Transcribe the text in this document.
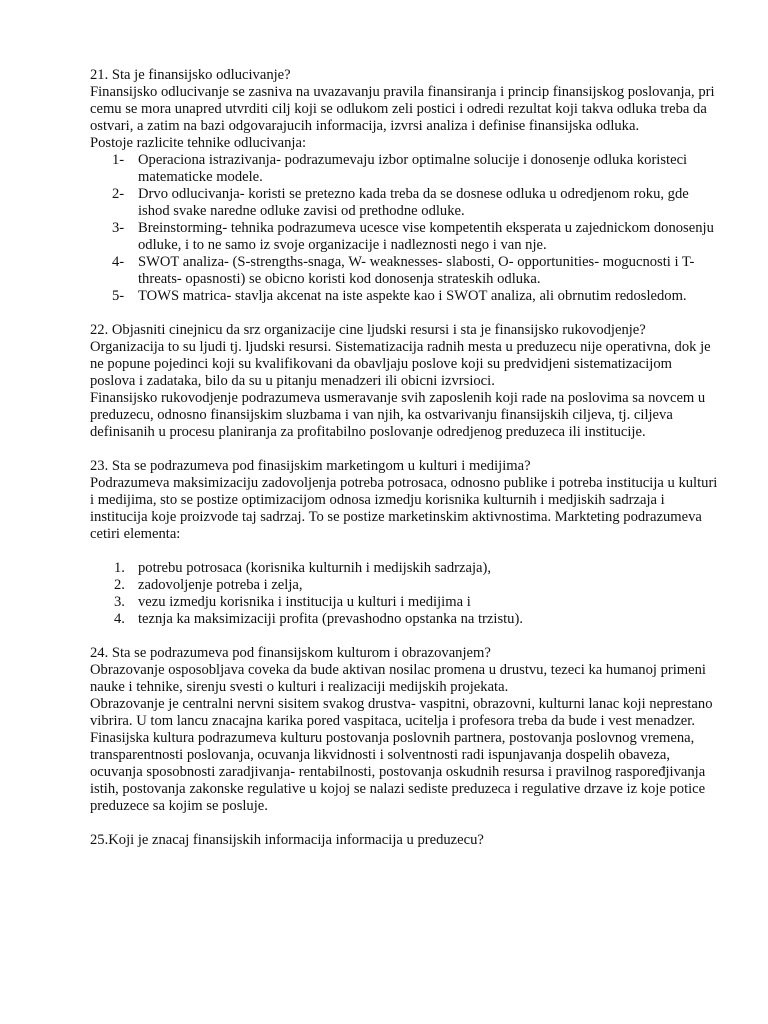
21. Sta je finansijsko odlucivanje?

Finansijsko odlucivanje se zasniva na uvazavanju pravila finansiranja i princip finansijskog poslovanja, pri cemu se mora unapred utvrditi cilj koji se odlukom zeli postici i odredi rezultat koji takva odluka treba da ostvari, a zatim na bazi odgovarajucih informacija, izvrsi analiza i definise finansijska odluka.

Postoje razlicite tehnike odlucivanja:

1- Operaciona istrazivanja- podrazumevaju izbor optimalne solucije i donosenje odluka koristeci matematicke modele.
2- Drvo odlucivanja- koristi se pretezno kada treba da se dosnese odluka u odredjenom roku, gde ishod svake naredne odluke zavisi od prethodne odluke.
3- Breinstorming- tehnika podrazumeva ucesce vise kompetentih eksperata u zajednickom donosenju odluke, i to ne samo iz svoje organizacije i nadleznosti nego i van nje.
4- SWOT analiza- (S-strengths-snaga, W- weaknesses- slabosti, O- opportunities- mogucnosti i T- threats- opasnosti) se obicno koristi kod donosenja strateskih odluka.
5- TOWS matrica- stavlja akcenat na iste aspekte kao i SWOT analiza, ali obrnutim redosledom.

22. Objasniti cinejnicu da srz organizacije cine ljudski resursi i sta je finansijsko rukovodjenje?

Organizacija to su ljudi tj. ljudski resursi. Sistematizacija radnih mesta u preduzecu nije operativna, dok je ne popune pojedinci koji su kvalifikovani da obavljaju poslove koji su predvidjeni sistematizacijom poslova i zadataka, bilo da su u pitanju menadzeri ili obicni izvrsioci.

Finansijsko rukovodjenje podrazumeva usmeravanje svih zaposlenih koji rade na poslovima sa novcem u preduzecu, odnosno finansijskim sluzbama i van njih, ka ostvarivanju finansijskih ciljeva, tj. ciljeva definisanih u procesu planiranja za profitabilno poslovanje odredjenog preduzeca ili institucije.

23. Sta se podrazumeva pod finasijskim marketingom u kulturi i medijima?

Podrazumeva maksimizaciju zadovoljenja potreba potrosaca, odnosno publike i potreba institucija u kulturi i medijima, sto se postize optimizacijom odnosa izmedju korisnika kulturnih i medjiskih sadrzaja i institucija koje proizvode taj sadrzaj. To se postize marketinskim aktivnostima. Markteting podrazumeva cetiri elementa:

1. potrebu potrosaca (korisnika kulturnih i medijskih sadrzaja),
2. zadovoljenje potreba i zelja,
3. vezu izmedju korisnika i institucija u kulturi i medijima i
4. teznja ka maksimizaciji profita (prevashodno opstanka na trzistu).

24. Sta se podrazumeva pod finansijskom kulturom i obrazovanjem?

Obrazovanje osposobljava coveka da bude aktivan nosilac promena u drustvu, tezeci ka humanoj primeni nauke i tehnike, sirenju svesti o kulturi i realizaciji medijskih projekata.

Obrazovanje je centralni nervni sisitem svakog drustva- vaspitni, obrazovni, kulturni lanac koji neprestano vibrira. U tom lancu znacajna karika pored vaspitaca, ucitelja i profesora treba da bude i vest menadzer.

Finasijska kultura podrazumeva kulturu postovanja poslovnih partnera, postovanja poslovnog vremena, transparentnosti poslovanja, ocuvanja likvidnosti i solventnosti radi ispunjavanja dospelih obaveza, ocuvanja sposobnosti zaradjivanja- rentabilnosti, postovanja oskudnih resursa i pravilnog raspoređjivanja istih, postovanja zakonske regulative u kojoj se nalazi sediste preduzeca i regulative drzave iz koje potice preduzece sa kojim se posluje.

25.Koji je znacaj finansijskih informacija informacija u preduzecu?
